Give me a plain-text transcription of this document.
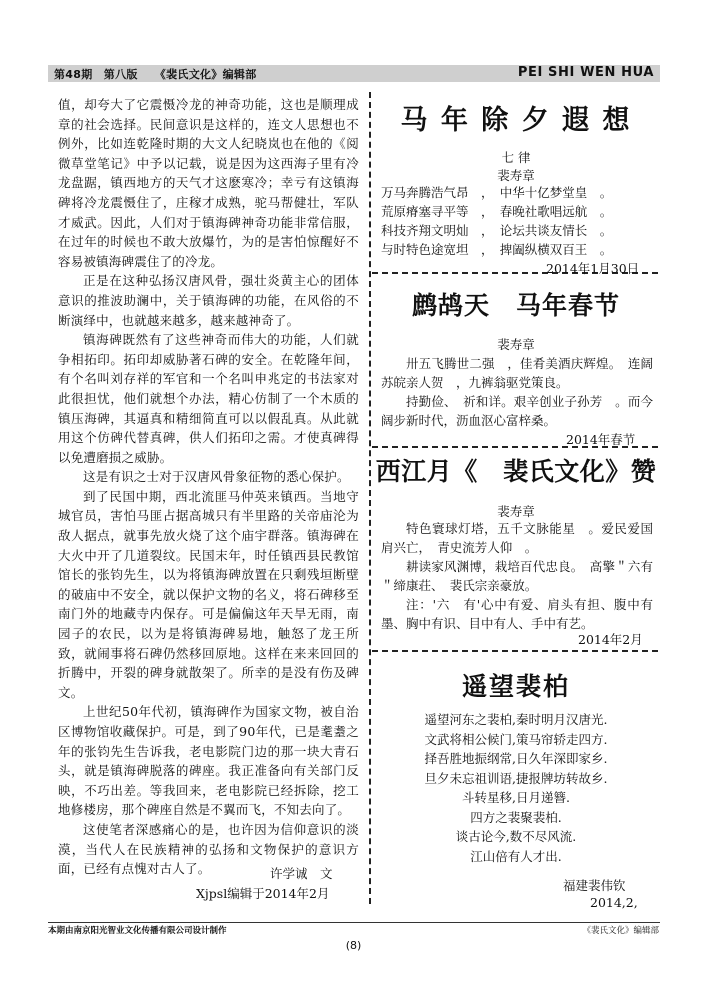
第48期　第八版　　《裴氏文化》编辑部	PEI SHI WEN HUA

值，却夸大了它震慑冷龙的神奇功能，这也是顺理成章的社会选择。民间意识是这样的，连文人思想也不例外，比如连乾隆时期的大文人纪晓岚也在他的《阅微草堂笔记》中予以记载，说是因为这西海子里有冷龙盘踞，镇西地方的天气才这麽寒冷；幸亏有这镇海碑将冷龙震慑住了，庄稼才成熟，驼马帮健壮，军队才威武。因此，人们对于镇海碑神奇功能非常信服，在过年的时候也不敢大放爆竹，为的是害怕惊醒好不容易被镇海碑震住了的冷龙。

正是在这种弘扬汉唐风骨，强壮炎黄主心的团体意识的推波助澜中，关于镇海碑的功能，在风俗的不断演绎中，也就越来越多，越来越神奇了。

镇海碑既然有了这些神奇而伟大的功能，人们就争相拓印。拓印却威胁著石碑的安全。在乾隆年间，有个名叫刘存祥的军官和一个名叫申兆定的书法家对此很担忧，他们就想个办法，精心仿制了一个木质的镇压海碑，其逼真和精细简直可以以假乱真。从此就用这个仿碑代替真碑，供人们拓印之需。才使真碑得以免遭磨损之威胁。

这是有识之士对于汉唐风骨象征物的悉心保护。

到了民国中期，西北流匪马仲英来镇西。当地守城官员，害怕马匪占据高城只有半里路的关帝庙沦为敌人据点，就事先放火烧了这个庙宇群落。镇海碑在大火中开了几道裂纹。民国末年，时任镇西县民教馆馆长的张钧先生，以为将镇海碑放置在只剩残垣断壁的破庙中不安全，就以保护文物的名义，将石碑移至南门外的地藏寺内保存。可是偏偏这年天旱无雨，南园子的农民，以为是将镇海碑易地，触怒了龙王所致，就闹事将石碑仍然移回原地。这样在来来回回的折腾中，开裂的碑身就散架了。所幸的是没有伤及碑文。

上世纪50年代初，镇海碑作为国家文物，被自治区博物馆收藏保护。可是，到了90年代，已是耄耋之年的张钧先生告诉我，老电影院门边的那一块大青石头，就是镇海碑脱落的碑座。我正准备向有关部门反映，不巧出差。等我回来，老电影院已经拆除，挖工地修楼房，那个碑座自然是不翼而飞，不知去向了。

这使笔者深感痛心的是，也许因为信仰意识的淡漠，当代人在民族精神的弘扬和文物保护的意识方面，已经有点愧对古人了。	许学诚　文
Xjpsl编辑于2014年2月
马 年 除 夕 遐 想
七 律
裴寿章
万马奔腾浩气昂　，　中华十亿梦堂皇　。
荒原瘠塞寻平等　，　春晚社歌唱远航　。
科技齐翔文明灿　，　论坛共谈友情长　。
与时特色途宽坦　，　捭阖纵横双百王　。
2014年1月30日
鹧鸪天　马年春节
裴寿章

卅五飞腾世二强　，佳肴美酒庆辉煌。　连阔苏皖亲人贺　，九裤翁驱党策良。

持勤俭、　祈和详。艰辛创业子孙芳　。而今阔步新时代，沥血沤心富梓桑。

2014年春节
西江月《　裴氏文化》赞
裴寿章

特色寰球灯塔，五千文脉能星　。爱民爱国肩兴亡，　青史流芳人仰　。

耕读家风渊博，栽培百代忠良。　高擎＂六有＂缔康荘、　裴氏宗亲豪放。

注：'六　有'心中有爱、肩头有担、腹中有墨、胸中有识、目中有人、手中有艺。

2014年2月
遥望裴柏
遥望河东之裴柏,秦时明月汉唐光.
文武将相公候门,策马帘轿走四方.
择吾胜地振纲常,日久年深即家乡.
旦夕未忘祖训语,捷报牌坊转故乡.
斗转星移,日月递簪.
四方之裴聚裴柏.
谈古论今,数不尽风流.
江山倍有人才出.
福建裴伟钦
2014,2,
本期由南京阳光智业文化传播有限公司设计制作	《裴氏文化》编辑部
(8)
